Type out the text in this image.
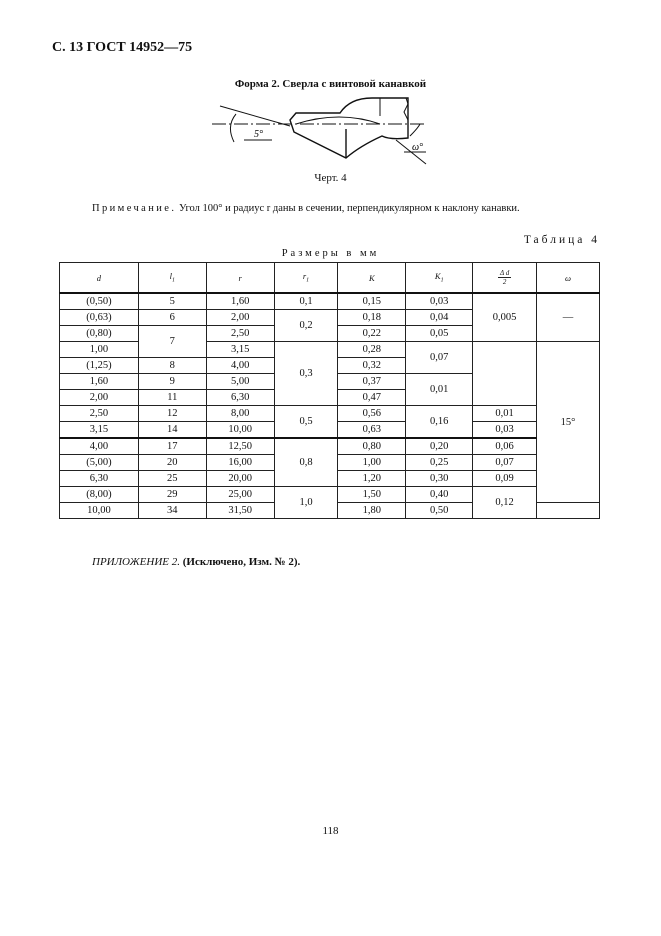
С. 13 ГОСТ 14952—75
Форма 2. Сверла с винтовой канавкой
5°
ω°
Черт. 4
Примечание. Угол 100° и радиус r даны в сечении, перпендикулярном к наклону канавки.
Таблица 4
Размеры в мм
d	$l_1$	r	$r_1$	K	$K_1$	$\frac{\text{Δ d}}{2}$	ω
(0,50)	5	1,60	0,1	0,15	0,03	0,005	—
(0,63)	6	2,00	0,2	0,18	0,04		
(0,80)	7	2,50		0,22	0,05		
1,00		3,15	0,3	0,28	0,07		15°
(1,25)	8	4,00		0,32			
1,60	9	5,00		0,37	0,01		
2,00	11	6,30		0,47			
2,50	12	8,00	0,5	0,56	0,16	0,01	
3,15	14	10,00		0,63		0,03	
4,00	17	12,50	0,8	0,80	0,20	0,06	
(5,00)	20	16,00		1,00	0,25	0,07	
6,30	25	20,00		1,20	0,30	0,09	
(8,00)	29	25,00	1,0	1,50	0,40	0,12	
10,00	34	31,50		1,80	0,50		
ПРИЛОЖЕНИЕ 2. (Исключено, Изм. № 2).
118
